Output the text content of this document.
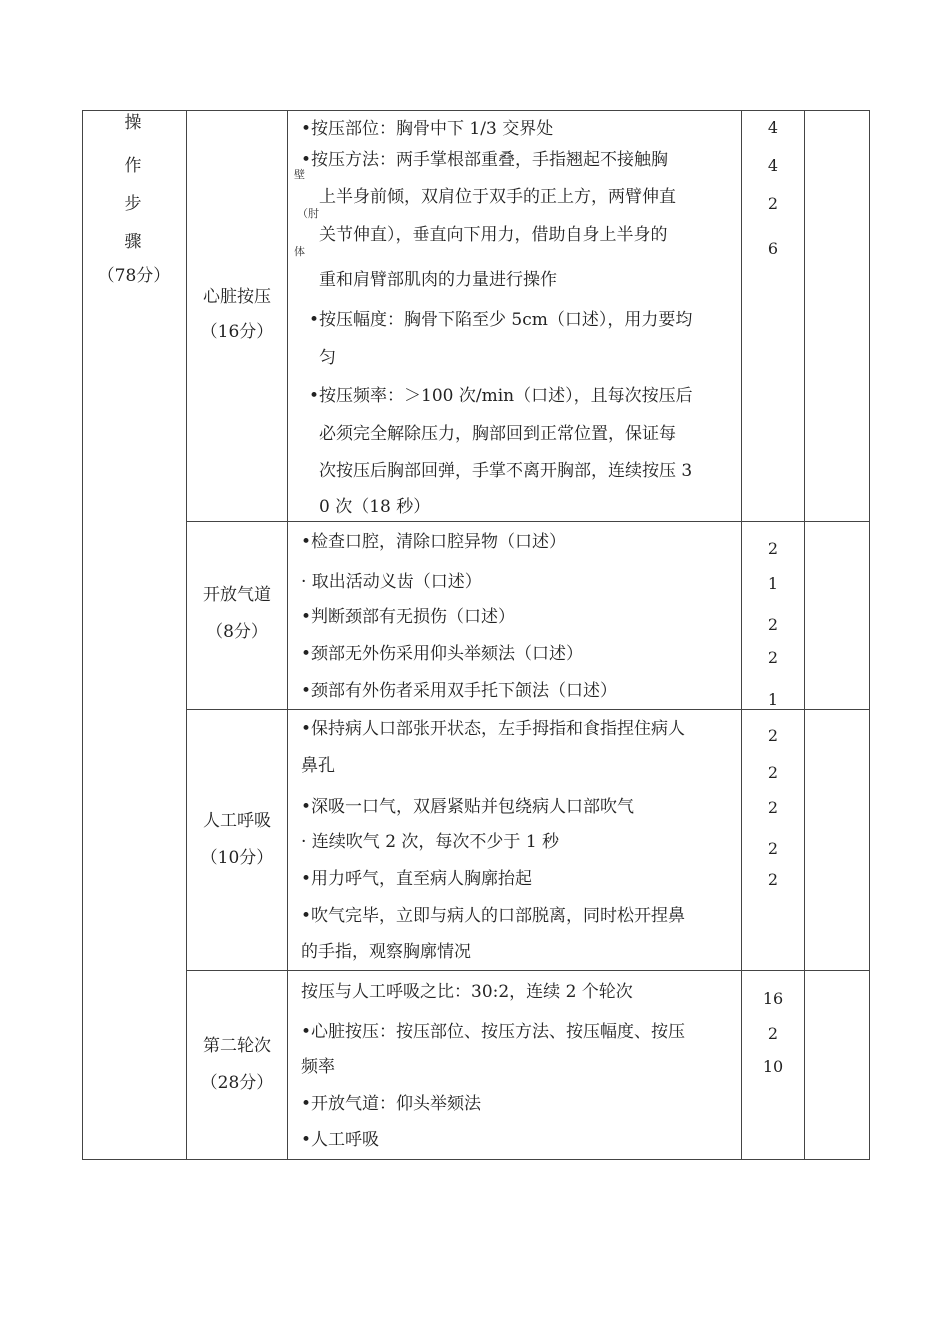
操
作
步
骤
（78分）
心脏按压
（16分）
•按压部位：胸骨中下 1/3 交界处
•按压方法：两手掌根部重叠，手指翘起不接触胸
壁
上半身前倾，双肩位于双手的正上方，两臂伸直
（肘
关节伸直），垂直向下用力，借助自身上半身的
体
重和肩臂部肌肉的力量进行操作
•按压幅度：胸骨下陷至少 5cm（口述），用力要均
匀
•按压频率：＞100 次/min（口述），且每次按压后
必须完全解除压力，胸部回到正常位置，保证每
次按压后胸部回弹，手掌不离开胸部，连续按压 3
0 次（18 秒）
4
4
2
6
开放气道
（8分）
•检查口腔，清除口腔异物（口述）
· 取出活动义齿（口述）
•判断颈部有无损伤（口述）
•颈部无外伤采用仰头举颏法（口述）
•颈部有外伤者采用双手托下颌法（口述）
2
1
2
2
1
人工呼吸
（10分）
•保持病人口部张开状态，左手拇指和食指捏住病人
鼻孔
•深吸一口气，双唇紧贴并包绕病人口部吹气
· 连续吹气 2 次，每次不少于 1 秒
•用力呼气，直至病人胸廓抬起
•吹气完毕，立即与病人的口部脱离，同时松开捏鼻
的手指，观察胸廓情况
2
2
2
2
2
第二轮次
（28分）
按压与人工呼吸之比：30:2，连续 2 个轮次
•心脏按压：按压部位、按压方法、按压幅度、按压
频率
•开放气道：仰头举颏法
•人工呼吸
16
2
10
